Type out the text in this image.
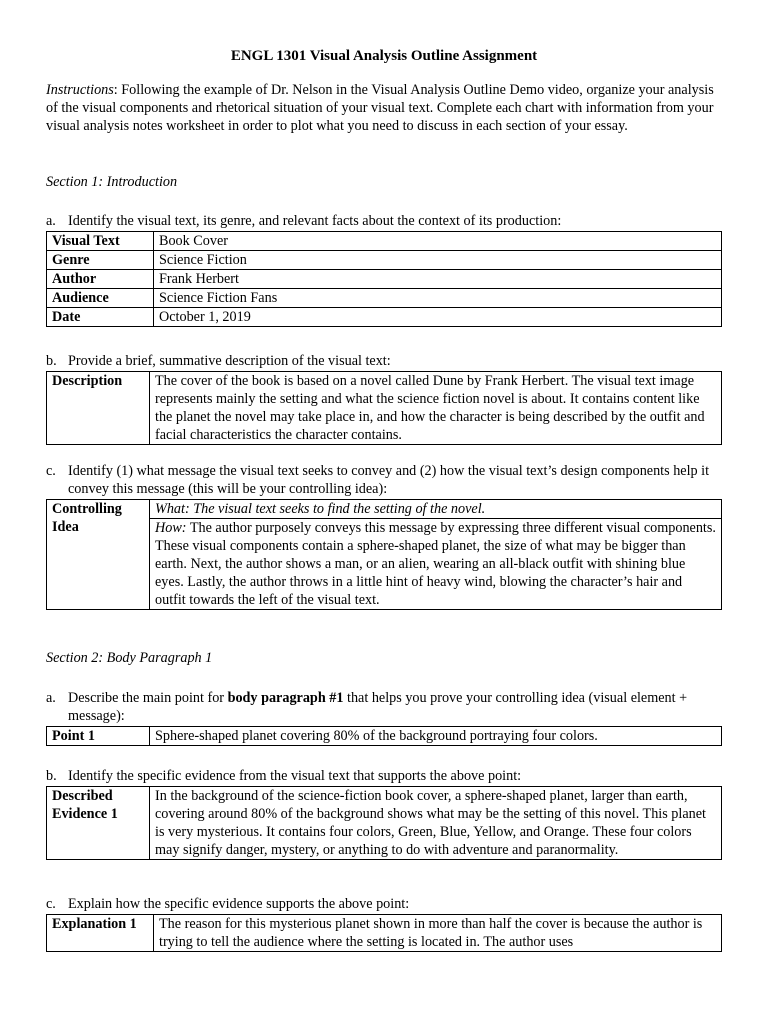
ENGL 1301 Visual Analysis Outline Assignment

Instructions: Following the example of Dr. Nelson in the Visual Analysis Outline Demo video, organize your analysis of the visual components and rhetorical situation of your visual text. Complete each chart with information from your visual analysis notes worksheet in order to plot what you need to discuss in each section of your essay.

Section 1: Introduction

a. Identify the visual text, its genre, and relevant facts about the context of its production:
Visual Text	Book Cover
Genre	Science Fiction
Author	Frank Herbert
Audience	Science Fiction Fans
Date	October 1, 2019
b. Provide a brief, summative description of the visual text:
Description	The cover of the book is based on a novel called Dune by Frank Herbert. The visual text image represents mainly the setting and what the science fiction novel is about. It contains content like the planet the novel may take place in, and how the character is being described by the outfit and facial characteristics the character contains.
c. Identify (1) what message the visual text seeks to convey and (2) how the visual text’s design components help it convey this message (this will be your controlling idea):
Controlling
Idea

What: The visual text seeks to find the setting of the novel.
How: The author purposely conveys this message by expressing three different visual components. These visual components contain a sphere-shaped planet, the size of what may be bigger than earth. Next, the author shows a man, or an alien, wearing an all-black outfit with shining blue eyes. Lastly, the author throws in a little hint of heavy wind, blowing the character’s hair and outfit towards the left of the visual text.

Section 2: Body Paragraph 1

a. Describe the main point for body paragraph #1 that helps you prove your controlling idea (visual element + message):
Point 1	Sphere-shaped planet covering 80% of the background portraying four colors.
b. Identify the specific evidence from the visual text that supports the above point:
Described
Evidence 1
	In the background of the science-fiction book cover, a sphere-shaped planet, larger than earth, covering around 80% of the background shows what may be the setting of this novel. This planet is very mysterious. It contains four colors, Green, Blue, Yellow, and Orange. These four colors may signify danger, mystery, or anything to do with adventure and paranormality.
c. Explain how the specific evidence supports the above point:
Explanation 1	The reason for this mysterious planet shown in more than half the cover is because the author is trying to tell the audience where the setting is located in. The author uses
